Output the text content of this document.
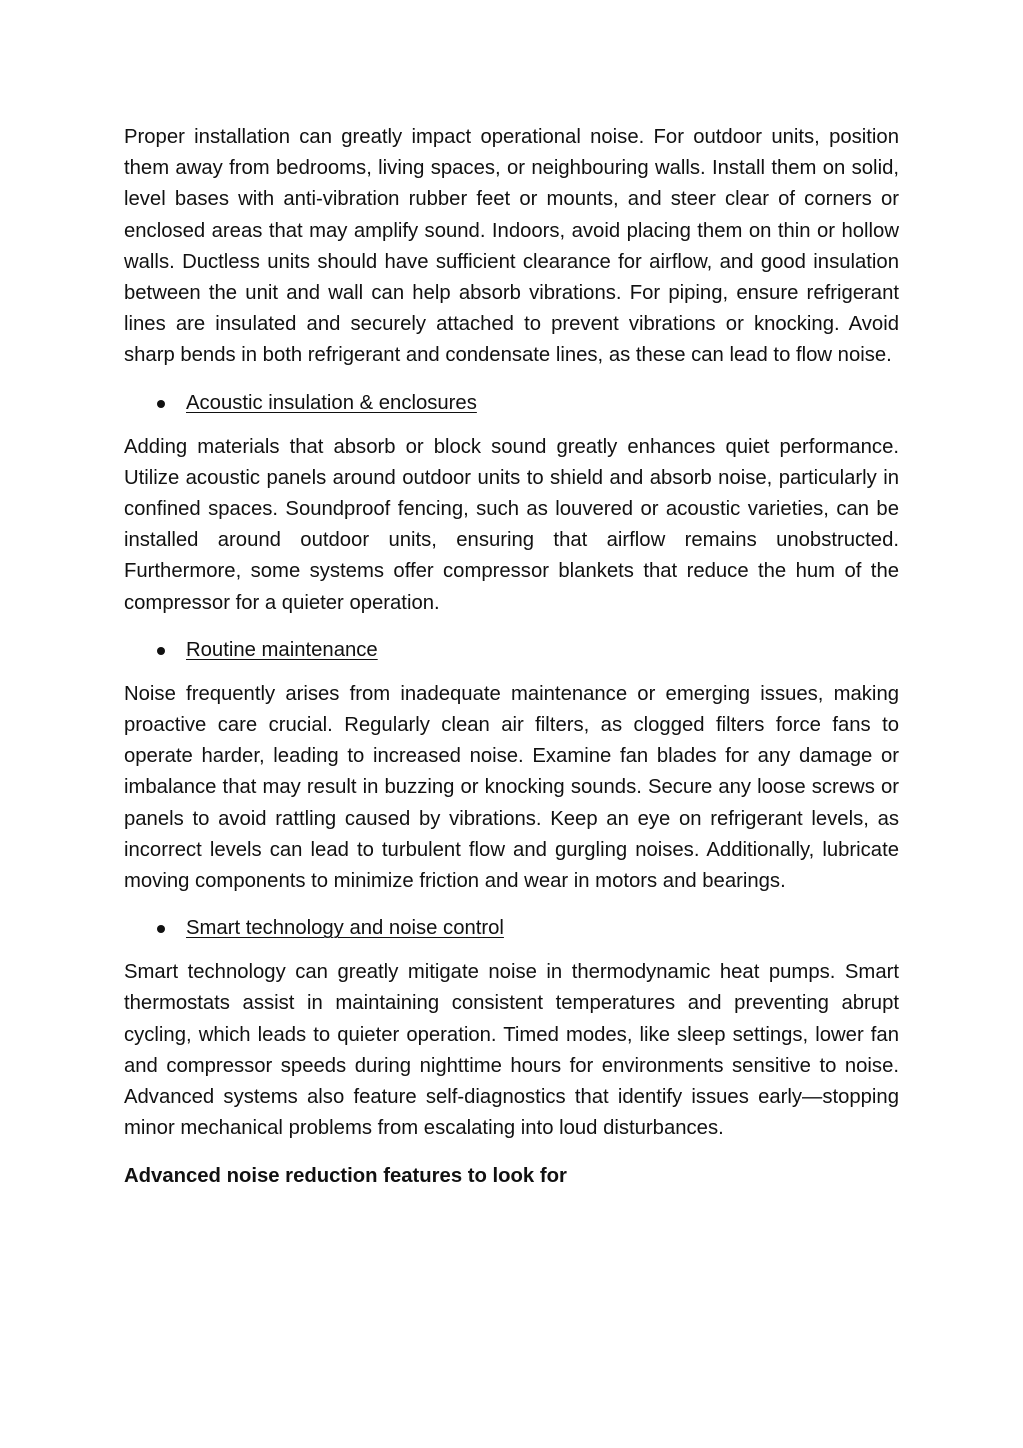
Proper installation can greatly impact operational noise. For outdoor units, position them away from bedrooms, living spaces, or neighbouring walls. Install them on solid, level bases with anti-vibration rubber feet or mounts, and steer clear of corners or enclosed areas that may amplify sound. Indoors, avoid placing them on thin or hollow walls. Ductless units should have sufficient clearance for airflow, and good insulation between the unit and wall can help absorb vibrations. For piping, ensure refrigerant lines are insulated and securely attached to prevent vibrations or knocking. Avoid sharp bends in both refrigerant and condensate lines, as these can lead to flow noise.

Acoustic insulation & enclosures

Adding materials that absorb or block sound greatly enhances quiet performance. Utilize acoustic panels around outdoor units to shield and absorb noise, particularly in confined spaces. Soundproof fencing, such as louvered or acoustic varieties, can be installed around outdoor units, ensuring that airflow remains unobstructed. Furthermore, some systems offer compressor blankets that reduce the hum of the compressor for a quieter operation.

Routine maintenance

Noise frequently arises from inadequate maintenance or emerging issues, making proactive care crucial. Regularly clean air filters, as clogged filters force fans to operate harder, leading to increased noise. Examine fan blades for any damage or imbalance that may result in buzzing or knocking sounds. Secure any loose screws or panels to avoid rattling caused by vibrations. Keep an eye on refrigerant levels, as incorrect levels can lead to turbulent flow and gurgling noises. Additionally, lubricate moving components to minimize friction and wear in motors and bearings.

Smart technology and noise control

Smart technology can greatly mitigate noise in thermodynamic heat pumps. Smart thermostats assist in maintaining consistent temperatures and preventing abrupt cycling, which leads to quieter operation. Timed modes, like sleep settings, lower fan and compressor speeds during nighttime hours for environments sensitive to noise. Advanced systems also feature self-diagnostics that identify issues early—stopping minor mechanical problems from escalating into loud disturbances.

Advanced noise reduction features to look for
